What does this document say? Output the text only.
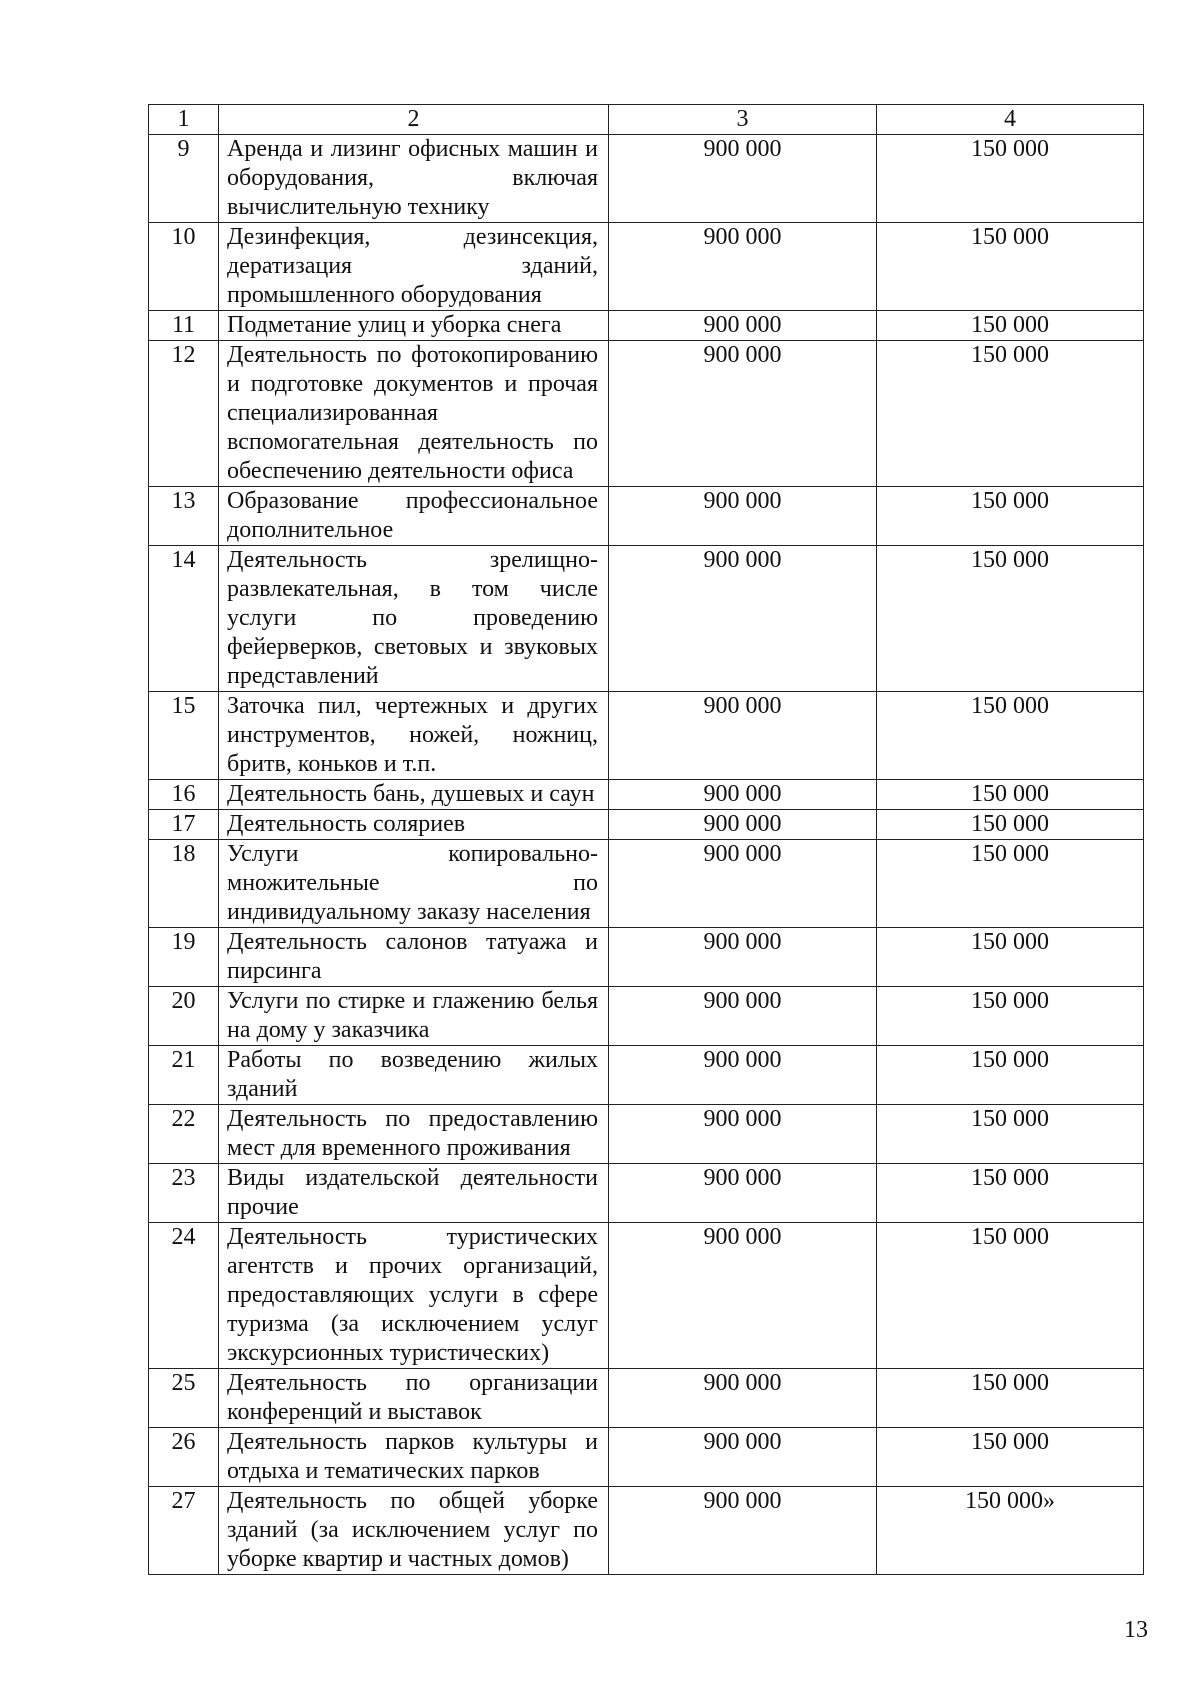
1	2	3	4
9	Аренда и лизинг офисных машин и оборудования, включая вычислительную технику	900 000	150 000
10	Дезинфекция, дезинсекция, дератизация зданий, промышленного оборудования	900 000	150 000
11	Подметание улиц и уборка снега	900 000	150 000
12	Деятельность по фотокопированию и подготовке документов и прочая специализированная вспомогательная деятельность по обеспечению деятельности офиса	900 000	150 000
13	Образование профессиональное дополнительное	900 000	150 000
14	Деятельность зрелищно-развлекательная, в том числе услуги по проведению фейерверков, световых и звуковых представлений	900 000	150 000
15	Заточка пил, чертежных и других инструментов, ножей, ножниц, бритв, коньков и т.п.	900 000	150 000
16	Деятельность бань, душевых и саун	900 000	150 000
17	Деятельность соляриев	900 000	150 000
18	Услуги копировально-множительные по индивидуальному заказу населения	900 000	150 000
19	Деятельность салонов татуажа и пирсинга	900 000	150 000
20	Услуги по стирке и глажению белья на дому у заказчика	900 000	150 000
21	Работы по возведению жилых зданий	900 000	150 000
22	Деятельность по предоставлению мест для временного проживания	900 000	150 000
23	Виды издательской деятельности прочие	900 000	150 000
24	Деятельность туристических агентств и прочих организаций, предоставляющих услуги в сфере туризма (за исключением услуг экскурсионных туристических)	900 000	150 000
25	Деятельность по организации конференций и выставок	900 000	150 000
26	Деятельность парков культуры и отдыха и тематических парков	900 000	150 000
27	Деятельность по общей уборке зданий (за исключением услуг по уборке квартир и частных домов)	900 000	150 000»
13
